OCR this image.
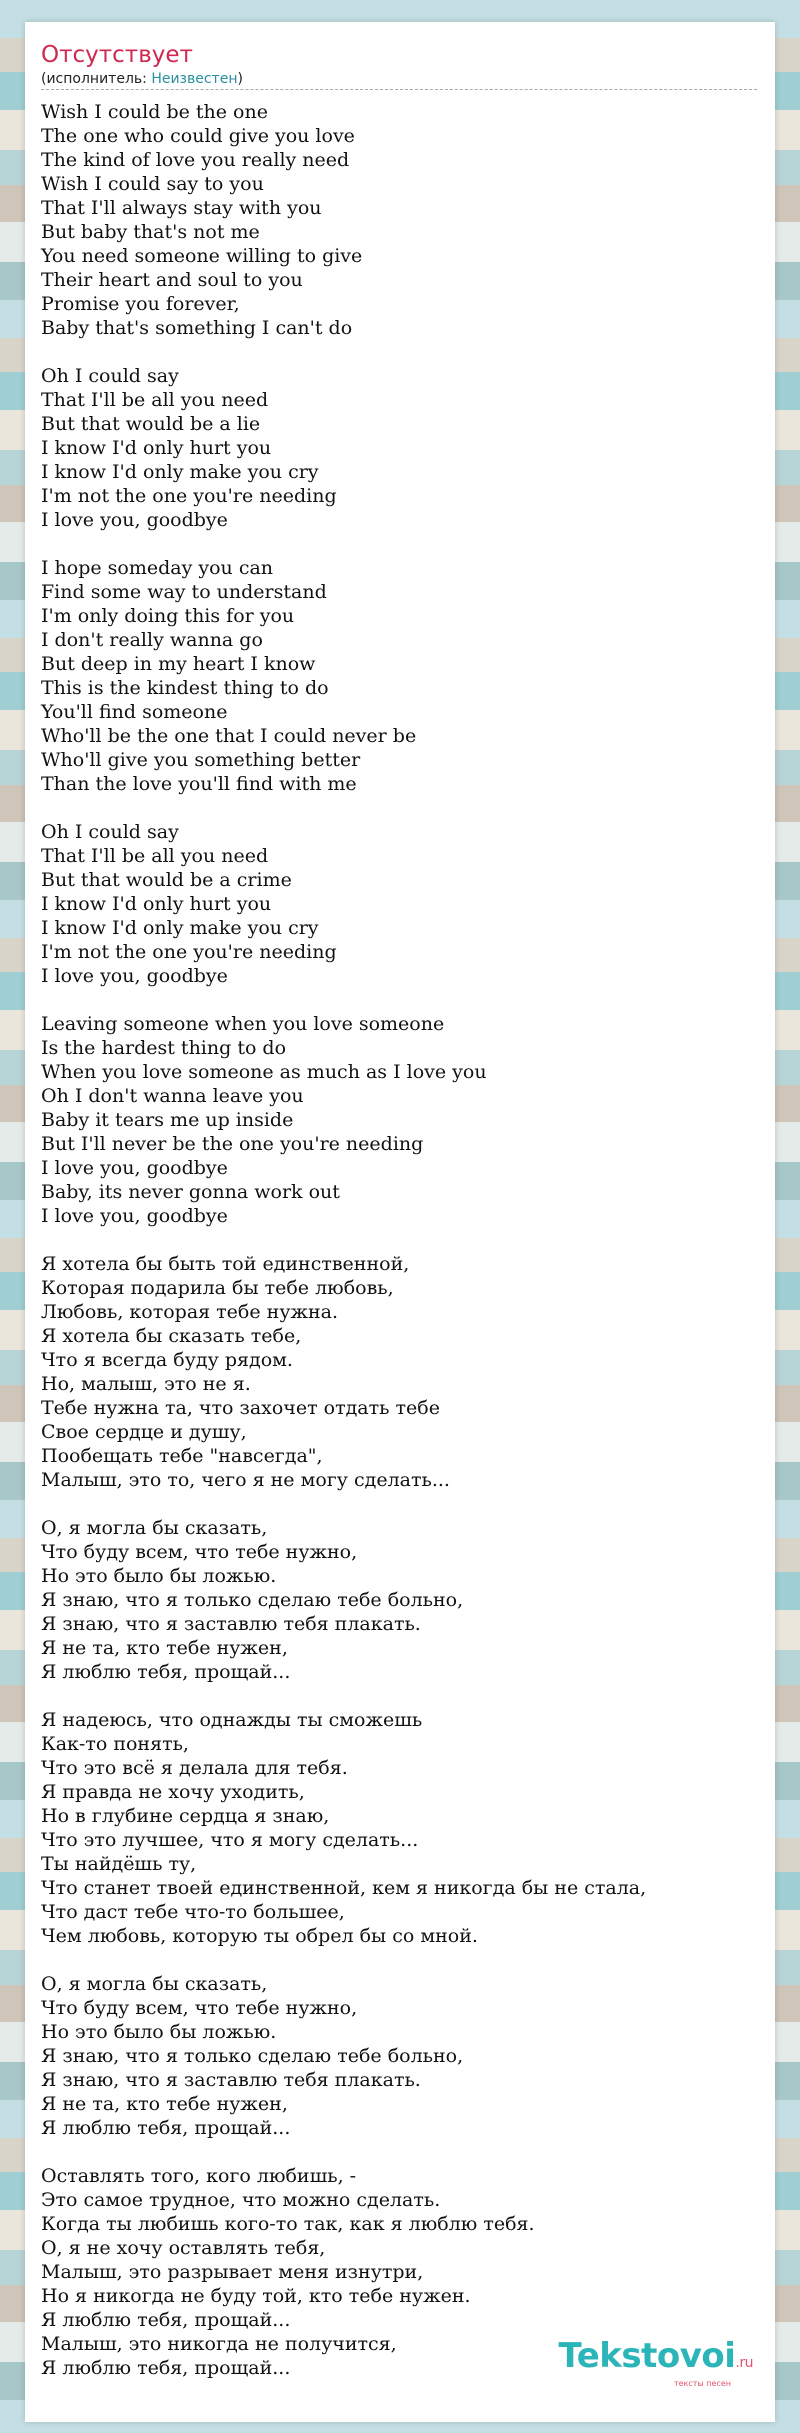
Отсутствует
(исполнитель: Неизвестен)
Wish I could be the one
The one who could give you love
The kind of love you really need
Wish I could say to you
That I'll always stay with you
But baby that's not me
You need someone willing to give
Their heart and soul to you
Promise you forever,
Baby that's something I can't do
Oh I could say
That I'll be all you need
But that would be a lie
I know I'd only hurt you
I know I'd only make you cry
I'm not the one you're needing
I love you, goodbye
I hope someday you can
Find some way to understand
I'm only doing this for you
I don't really wanna go
But deep in my heart I know
This is the kindest thing to do
You'll find someone
Who'll be the one that I could never be
Who'll give you something better
Than the love you'll find with me
Oh I could say
That I'll be all you need
But that would be a crime
I know I'd only hurt you
I know I'd only make you cry
I'm not the one you're needing
I love you, goodbye
Leaving someone when you love someone
Is the hardest thing to do
When you love someone as much as I love you
Oh I don't wanna leave you
Baby it tears me up inside
But I'll never be the one you're needing
I love you, goodbye
Baby, its never gonna work out
I love you, goodbye
Я хотела бы быть той единственной,
Которая подарила бы тебе любовь,
Любовь, которая тебе нужна.
Я хотела бы сказать тебе,
Что я всегда буду рядом.
Но, малыш, это не я.
Тебе нужна та, что захочет отдать тебе
Свое сердце и душу,
Пообещать тебе "навсегда",
Малыш, это то, чего я не могу сделать...
О, я могла бы сказать,
Что буду всем, что тебе нужно,
Но это было бы ложью.
Я знаю, что я только сделаю тебе больно,
Я знаю, что я заставлю тебя плакать.
Я не та, кто тебе нужен,
Я люблю тебя, прощай...
Я надеюсь, что однажды ты сможешь
Как-то понять,
Что это всё я делала для тебя.
Я правда не хочу уходить,
Но в глубине сердца я знаю,
Что это лучшее, что я могу сделать...
Ты найдёшь ту,
Что станет твоей единственной, кем я никогда бы не стала,
Что даст тебе что-то большее,
Чем любовь, которую ты обрел бы со мной.
О, я могла бы сказать,
Что буду всем, что тебе нужно,
Но это было бы ложью.
Я знаю, что я только сделаю тебе больно,
Я знаю, что я заставлю тебя плакать.
Я не та, кто тебе нужен,
Я люблю тебя, прощай...
Оставлять того, кого любишь, -
Это самое трудное, что можно сделать.
Когда ты любишь кого-то так, как я люблю тебя.
О, я не хочу оставлять тебя,
Малыш, это разрывает меня изнутри,
Но я никогда не буду той, кто тебе нужен.
Я люблю тебя, прощай...
Малыш, это никогда не получится,
Я люблю тебя, прощай...	Tekstovoi.ru
тексты песен
